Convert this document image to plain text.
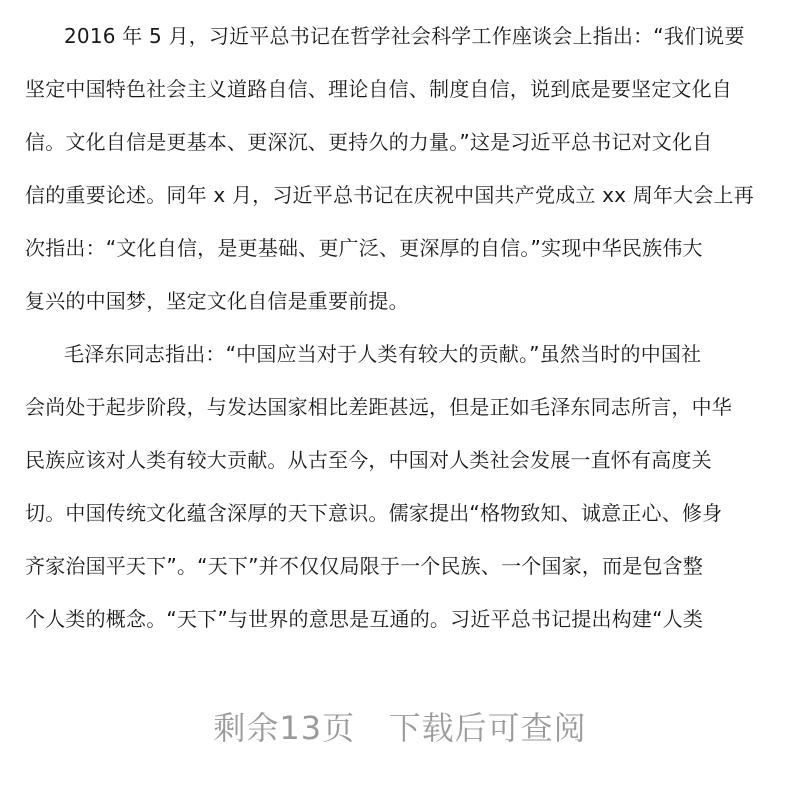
2016 年 5 月，习近平总书记在哲学社会科学工作座谈会上指出：“我们说要
坚定中国特色社会主义道路自信、理论自信、制度自信，说到底是要坚定文化自
信。文化自信是更基本、更深沉、更持久的力量。”这是习近平总书记对文化自
信的重要论述。同年 x 月，习近平总书记在庆祝中国共产党成立 xx 周年大会上再
次指出：“文化自信，是更基础、更广泛、更深厚的自信。”实现中华民族伟大
复兴的中国梦，坚定文化自信是重要前提。
毛泽东同志指出：“中国应当对于人类有较大的贡献。”虽然当时的中国社
会尚处于起步阶段，与发达国家相比差距甚远，但是正如毛泽东同志所言，中华
民族应该对人类有较大贡献。从古至今，中国对人类社会发展一直怀有高度关
切。中国传统文化蕴含深厚的天下意识。儒家提出“格物致知、诚意正心、修身
齐家治国平天下”。“天下”并不仅仅局限于一个民族、一个国家，而是包含整
个人类的概念。“天下”与世界的意思是互通的。习近平总书记提出构建“人类
剩余13页   下载后可查阅
